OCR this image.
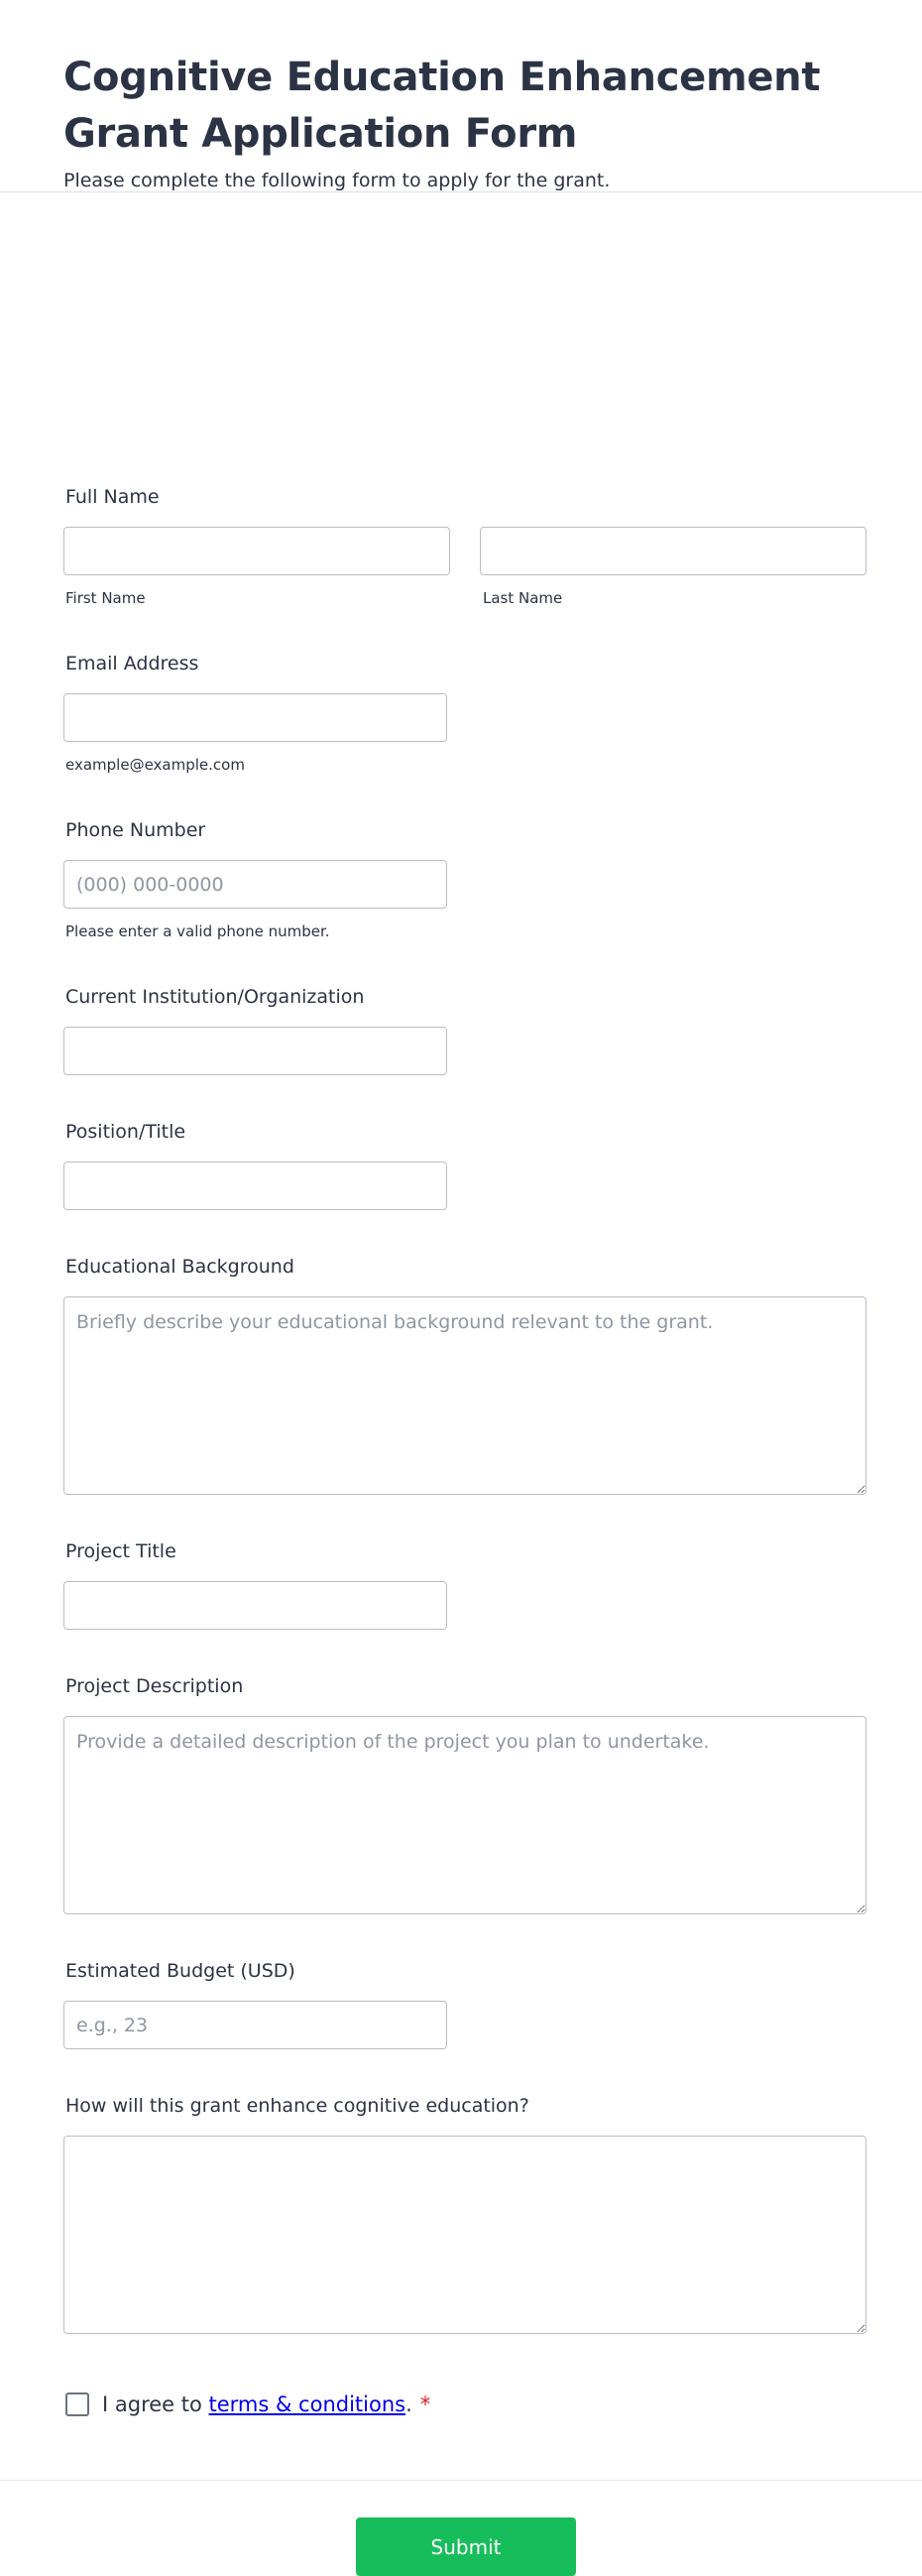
Cognitive Education Enhancement Grant Application Form

Please complete the following form to apply for the grant.

Full Name
First Name	Last Name
Email Address
example@example.com
Phone Number
(000) 000-0000
Please enter a valid phone number.
Current Institution/Organization
Position/Title
Educational Background
Briefly describe your educational background relevant to the grant.
Project Title
Project Description
Provide a detailed description of the project you plan to undertake.
Estimated Budget (USD)
e.g., 23
How will this grant enhance cognitive education?
I agree to terms & conditions. *
Submit
